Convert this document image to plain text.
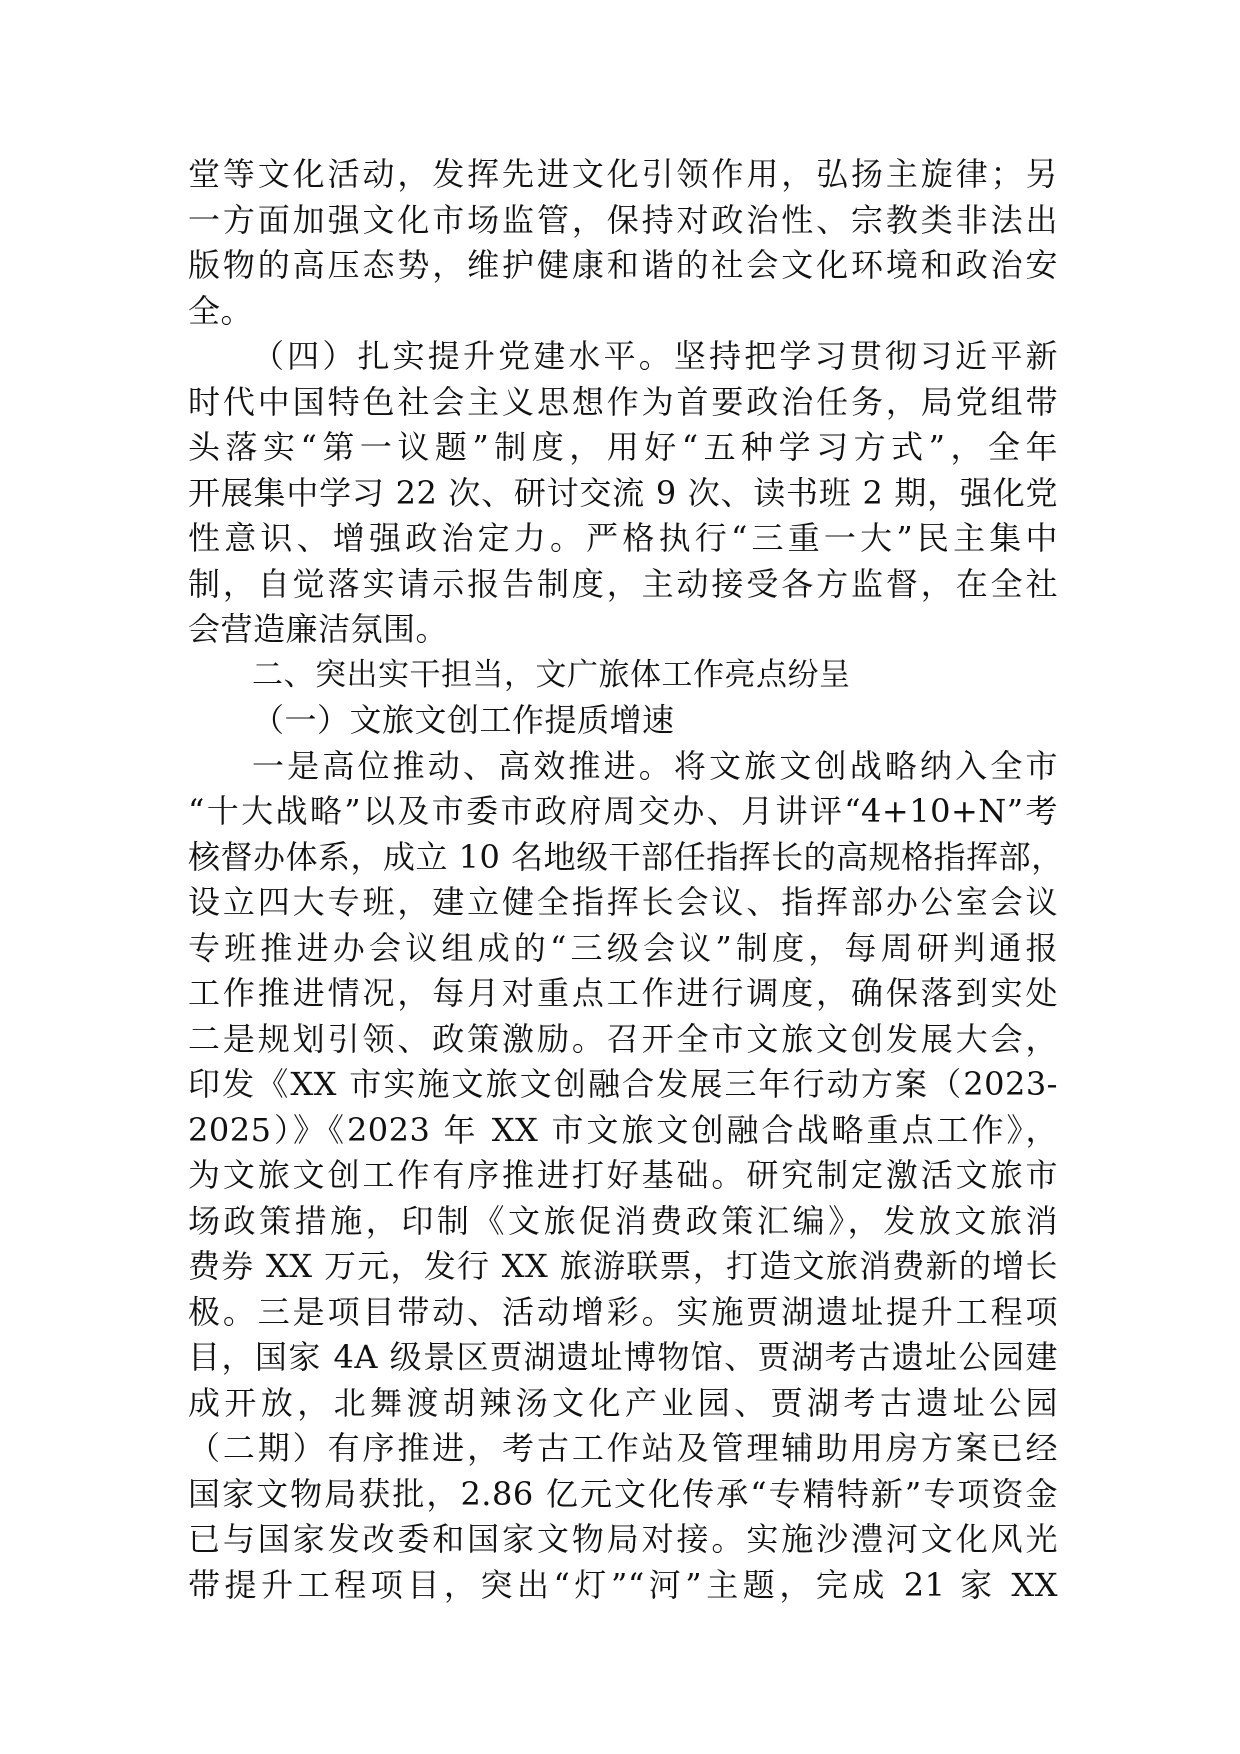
堂等文化活动，发挥先进文化引领作用，弘扬主旋律；另
一方面加强文化市场监管，保持对政治性、宗教类非法出
版物的高压态势，维护健康和谐的社会文化环境和政治安
全。
（四）扎实提升党建水平。坚持把学习贯彻习近平新
时代中国特色社会主义思想作为首要政治任务，局党组带
头落实“第一议题”制度，用好“五种学习方式”，全年
开展集中学习 22 次、研讨交流 9 次、读书班 2 期，强化党
性意识、增强政治定力。严格执行“三重一大”民主集中
制，自觉落实请示报告制度，主动接受各方监督，在全社
会营造廉洁氛围。
二、突出实干担当，文广旅体工作亮点纷呈
（一）文旅文创工作提质增速
一是高位推动、高效推进。将文旅文创战略纳入全市
“十大战略”以及市委市政府周交办、月讲评“4+10+N”考
核督办体系，成立 10 名地级干部任指挥长的高规格指挥部，
设立四大专班，建立健全指挥长会议、指挥部办公室会议
专班推进办会议组成的“三级会议”制度，每周研判通报
工作推进情况，每月对重点工作进行调度，确保落到实处
二是规划引领、政策激励。召开全市文旅文创发展大会，
印发《XX 市实施文旅文创融合发展三年行动方案（2023-
2025）》《2023 年 XX 市文旅文创融合战略重点工作》，
为文旅文创工作有序推进打好基础。研究制定激活文旅市
场政策措施，印制《文旅促消费政策汇编》，发放文旅消
费券 XX 万元，发行 XX 旅游联票，打造文旅消费新的增长
极。三是项目带动、活动增彩。实施贾湖遗址提升工程项
目，国家 4A 级景区贾湖遗址博物馆、贾湖考古遗址公园建
成开放，北舞渡胡辣汤文化产业园、贾湖考古遗址公园
（二期）有序推进，考古工作站及管理辅助用房方案已经
国家文物局获批，2.86 亿元文化传承“专精特新”专项资金
已与国家发改委和国家文物局对接。实施沙澧河文化风光
带提升工程项目，突出“灯”“河”主题，完成 21 家 XX
